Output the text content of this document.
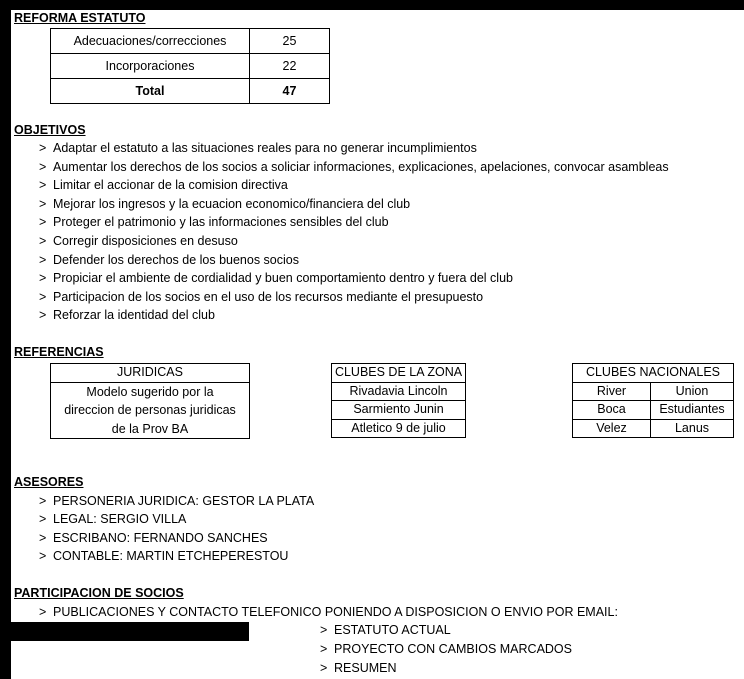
REFORMA ESTATUTO
Adecuaciones/correcciones	25
Incorporaciones	22
Total	47
OBJETIVOS
> Adaptar el estatuto a las situaciones reales para no generar incumplimientos
> Aumentar los derechos de los socios a soliciar informaciones, explicaciones, apelaciones, convocar asambleas
> Limitar el accionar de la comision directiva
> Mejorar los ingresos y la ecuacion economico/financiera del club
> Proteger el patrimonio y las informaciones sensibles del club
> Corregir disposiciones en desuso
> Defender los derechos de los buenos socios
> Propiciar el ambiente de cordialidad y buen comportamiento dentro y fuera del club
> Participacion de los socios en el uso de los recursos mediante el presupuesto
> Reforzar la identidad del club
REFERENCIAS
JURIDICAS

Modelo sugerido por la
direccion de personas juridicas
de la Prov BA
CLUBES DE LA ZONA
Rivadavia Lincoln
Sarmiento Junin
Atletico 9 de julio
CLUBES NACIONALES	
River	Union
Boca	Estudiantes
Velez	Lanus
ASESORES
> PERSONERIA JURIDICA: GESTOR LA PLATA
> LEGAL: SERGIO VILLA
> ESCRIBANO: FERNANDO SANCHES
> CONTABLE: MARTIN ETCHEPERESTOU
PARTICIPACION DE SOCIOS
> PUBLICACIONES Y CONTACTO TELEFONICO PONIENDO A DISPOSICION O ENVIO POR EMAIL:
> ESTATUTO ACTUAL
> PROYECTO CON CAMBIOS MARCADOS
> RESUMEN
